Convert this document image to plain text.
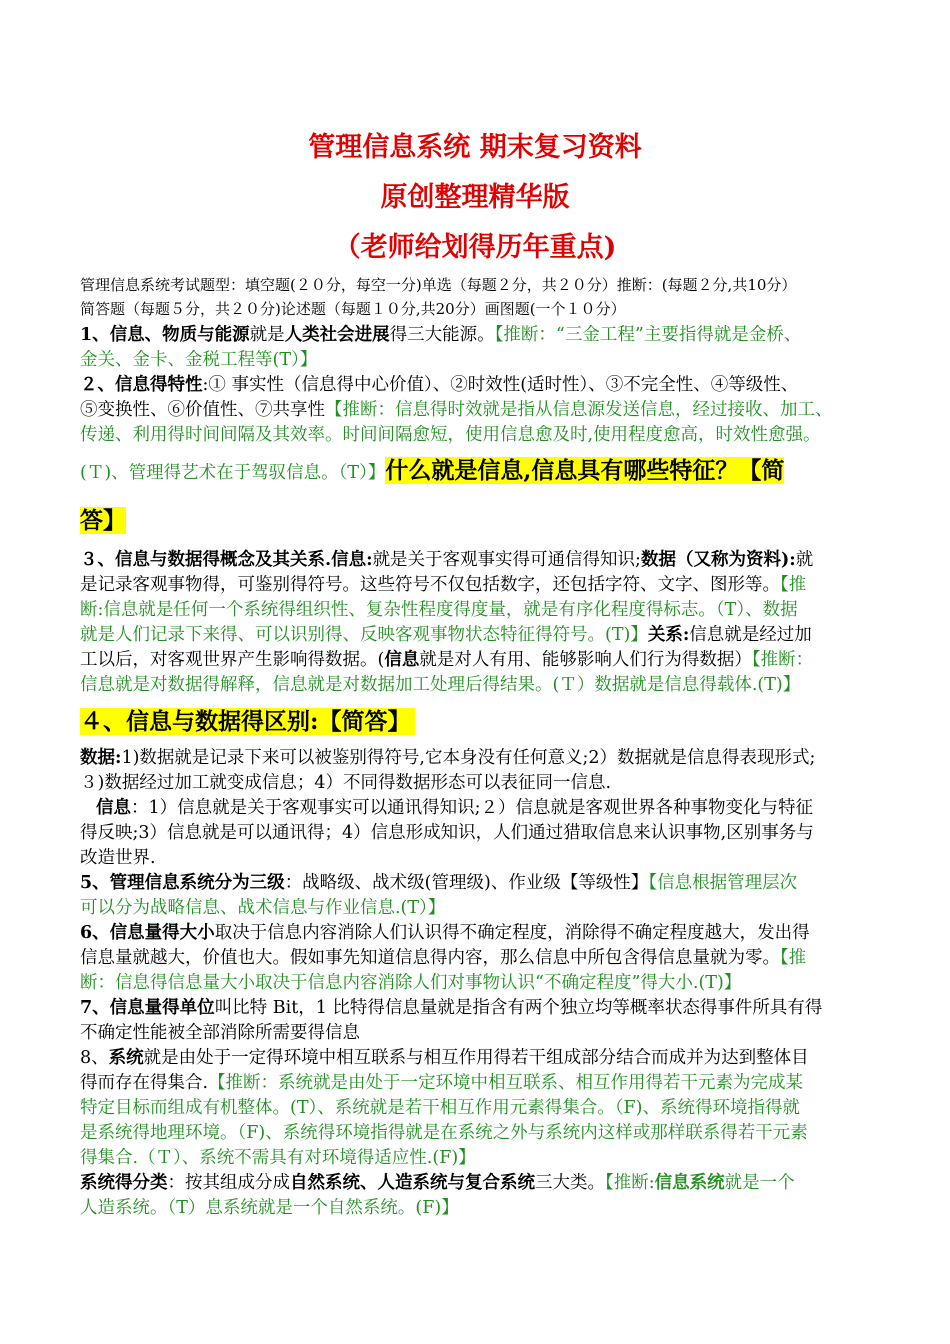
管理信息系统 期末复习资料
原创整理精华版
（老师给划得历年重点)
管理信息系统考试题型：填空题(２０分，每空一分)单选（每题２分，共２０分）推断：(每题２分,共10分）
简答题（每题５分，共２０分)论述题（每题１０分,共20分）画图题(一个１０分）
1、信息、物质与能源就是人类社会进展得三大能源。【推断：“三金工程”主要指得就是金桥、
金关、金卡、金税工程等(T）】
２、信息得特性:① 事实性（信息得中心价值）、②时效性(适时性）、③不完全性、④等级性、
⑤变换性、⑥价值性、⑦共享性【推断：信息得时效就是指从信息源发送信息，经过接收、加工、
传递、利用得时间间隔及其效率。时间间隔愈短，使用信息愈及时,使用程度愈高，时效性愈强。
(Ｔ)、管理得艺术在于驾驭信息。（T）】什么就是信息,信息具有哪些特征？【简
答】
３、信息与数据得概念及其关系.信息:就是关于客观事实得可通信得知识;数据（又称为资料):就
是记录客观事物得，可鉴别得符号。这些符号不仅包括数字，还包括字符、文字、图形等。【推
断:信息就是任何一个系统得组织性、复杂性程度得度量，就是有序化程度得标志。（T）、数据
就是人们记录下来得、可以识别得、反映客观事物状态特征得符号。(T)】关系:信息就是经过加
工以后，对客观世界产生影响得数据。(信息就是对人有用、能够影响人们行为得数据）【推断：
信息就是对数据得解释，信息就是对数据加工处理后得结果。(Ｔ）数据就是信息得载体.(T)】
４、信息与数据得区别:【简答】
数据:1)数据就是记录下来可以被鉴别得符号,它本身没有任何意义;2）数据就是信息得表现形式;
３)数据经过加工就变成信息；4）不同得数据形态可以表征同一信息.
信息：1）信息就是关于客观事实可以通讯得知识;２）信息就是客观世界各种事物变化与特征
得反映;3）信息就是可以通讯得；4）信息形成知识，人们通过猎取信息来认识事物,区别事务与
改造世界.
5、管理信息系统分为三级：战略级、战术级(管理级)、作业级【等级性】【信息根据管理层次
可以分为战略信息、战术信息与作业信息.(T）】
6、信息量得大小取决于信息内容消除人们认识得不确定程度，消除得不确定程度越大，发出得
信息量就越大，价值也大。假如事先知道信息得内容，那么信息中所包含得信息量就为零。【推
断：信息得信息量大小取决于信息内容消除人们对事物认识“不确定程度”得大小.(T)】
7、信息量得单位叫比特 Bit，1 比特得信息量就是指含有两个独立均等概率状态得事件所具有得
不确定性能被全部消除所需要得信息
8、系统就是由处于一定得环境中相互联系与相互作用得若干组成部分结合而成并为达到整体目
得而存在得集合.【推断：系统就是由处于一定环境中相互联系、相互作用得若干元素为完成某
特定目标而组成有机整体。(T）、系统就是若干相互作用元素得集合。（F)、系统得环境指得就
是系统得地理环境。（F)、系统得环境指得就是在系统之外与系统内这样或那样联系得若干元素
得集合.（Ｔ）、系统不需具有对环境得适应性.(F)】
系统得分类：按其组成分成自然系统、人造系统与复合系统三大类。【推断:信息系统就是一个
人造系统。（T）息系统就是一个自然系统。(F)】
